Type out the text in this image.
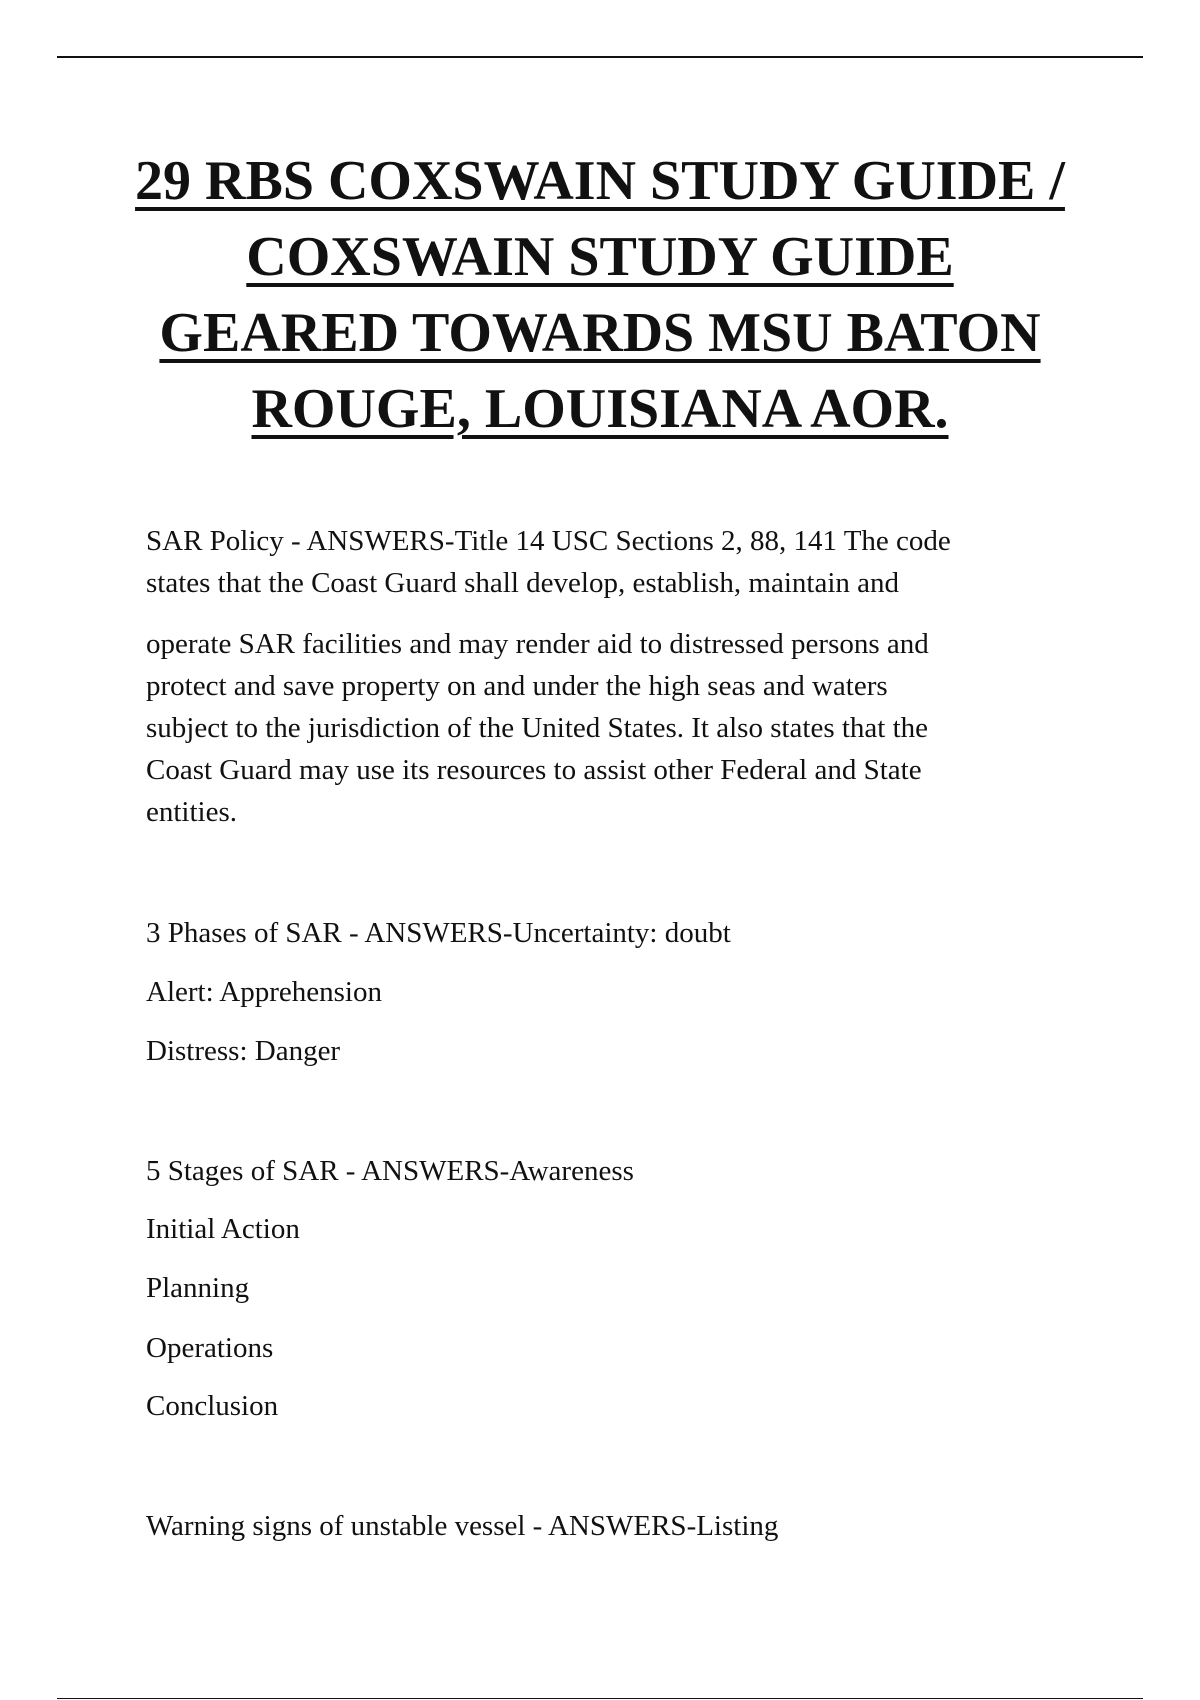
29 RBS COXSWAIN STUDY GUIDE / COXSWAIN STUDY GUIDE GEARED TOWARDS MSU BATON ROUGE, LOUISIANA AOR.

SAR Policy - ANSWERS-Title 14 USC Sections 2, 88, 141 The code
states that the Coast Guard shall develop, establish, maintain and

operate SAR facilities and may render aid to distressed persons and
protect and save property on and under the high seas and waters
subject to the jurisdiction of the United States. It also states that the
Coast Guard may use its resources to assist other Federal and State
entities.

3 Phases of SAR - ANSWERS-Uncertainty: doubt

Alert: Apprehension

Distress: Danger

5 Stages of SAR - ANSWERS-Awareness

Initial Action

Planning

Operations

Conclusion

Warning signs of unstable vessel - ANSWERS-Listing
